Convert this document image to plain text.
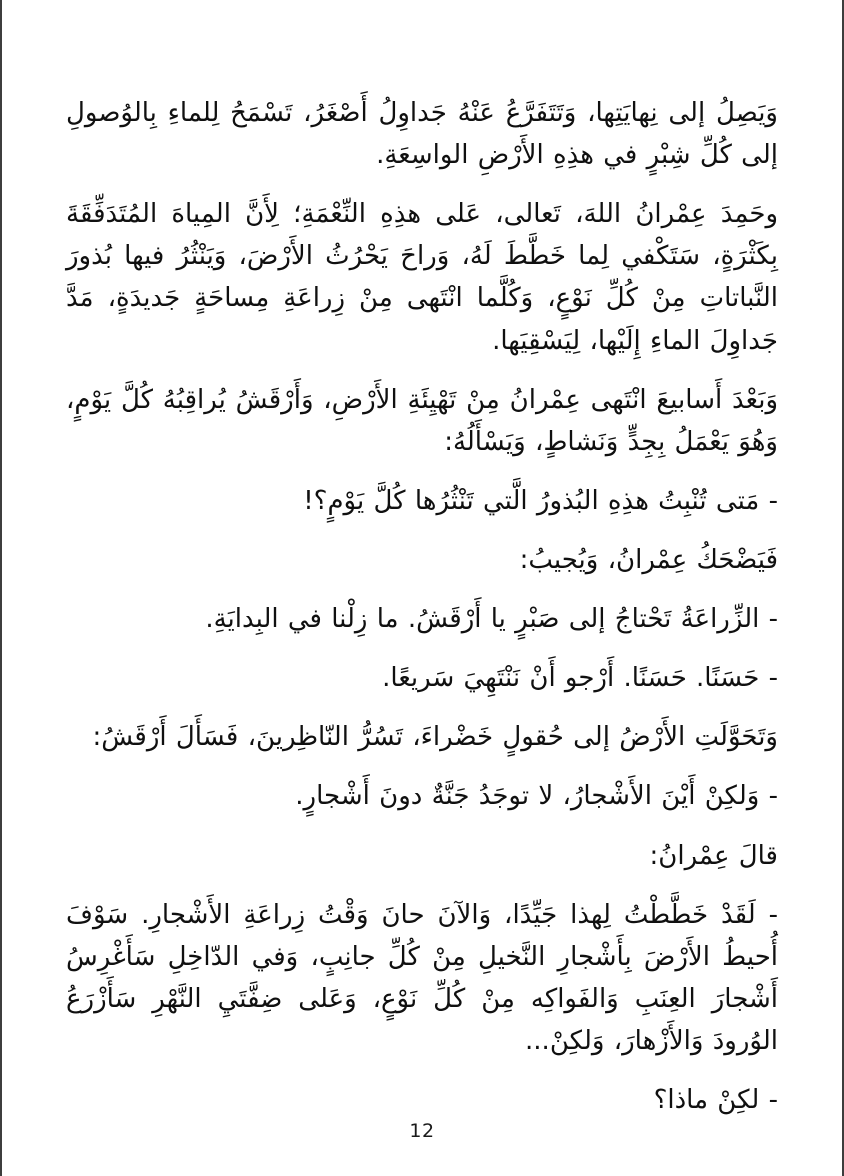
وَيَصِلُ إلى نِهايَتِها، وَتَتَفَرَّعُ عَنْهُ جَداوِلُ أَصْغَرُ، تَسْمَحُ لِلماءِ بِالوُصولِ إلى كُلِّ شِبْرٍ في هذِهِ الأَرْضِ الواسِعَةِ.

وحَمِدَ عِمْرانُ اللهَ، تَعالى، عَلى هذِهِ النِّعْمَةِ؛ لِأَنَّ المِياهَ المُتَدَفِّقَةَ بِكَثْرَةٍ، سَتَكْفي لِما خَطَّطَ لَهُ، وَراحَ يَحْرُثُ الأَرْضَ، وَيَنْثُرُ فيها بُذورَ النَّباتاتِ مِنْ كُلِّ نَوْعٍ، وَكُلَّما انْتَهى مِنْ زِراعَةِ مِساحَةٍ جَديدَةٍ، مَدَّ جَداوِلَ الماءِ إِلَيْها، لِيَسْقِيَها.

وَبَعْدَ أَسابيعَ انْتَهى عِمْرانُ مِنْ تَهْيِئَةِ الأَرْضِ، وَأَرْقَشُ يُراقِبُهُ كُلَّ يَوْمٍ، وَهُوَ يَعْمَلُ بِجِدٍّ وَنَشاطٍ، وَيَسْأَلُهُ:

- مَتى تُنْبِتُ هذِهِ البُذورُ الَّتي تَنْثُرُها كُلَّ يَوْمٍ؟!

فَيَضْحَكُ عِمْرانُ، وَيُجيبُ:

- الزِّراعَةُ تَحْتاجُ إلى صَبْرٍ يا أَرْقَشُ. ما زِلْنا في البِدايَةِ.

- حَسَنًا. حَسَنًا. أَرْجو أَنْ نَنْتَهِيَ سَريعًا.

وَتَحَوَّلَتِ الأَرْضُ إلى حُقولٍ خَضْراءَ، تَسُرُّ النّاظِرينَ، فَسَأَلَ أَرْقَشُ:

- وَلكِنْ أَيْنَ الأَشْجارُ، لا توجَدُ جَنَّةٌ دونَ أَشْجارٍ.

قالَ عِمْرانُ:

- لَقَدْ خَطَّطْتُ لِهذا جَيِّدًا، وَالآنَ حانَ وَقْتُ زِراعَةِ الأَشْجارِ. سَوْفَ أُحيطُ الأَرْضَ بِأَشْجارِ النَّخيلِ مِنْ كُلِّ جانِبٍ، وَفي الدّاخِلِ سَأَغْرِسُ أَشْجارَ العِنَبِ وَالفَواكِه مِنْ كُلِّ نَوْعٍ، وَعَلى ضِفَّتَيِ النَّهْرِ سَأَزْرَعُ الوُرودَ وَالأَزْهارَ، وَلكِنْ...

- لكِنْ ماذا؟

12
